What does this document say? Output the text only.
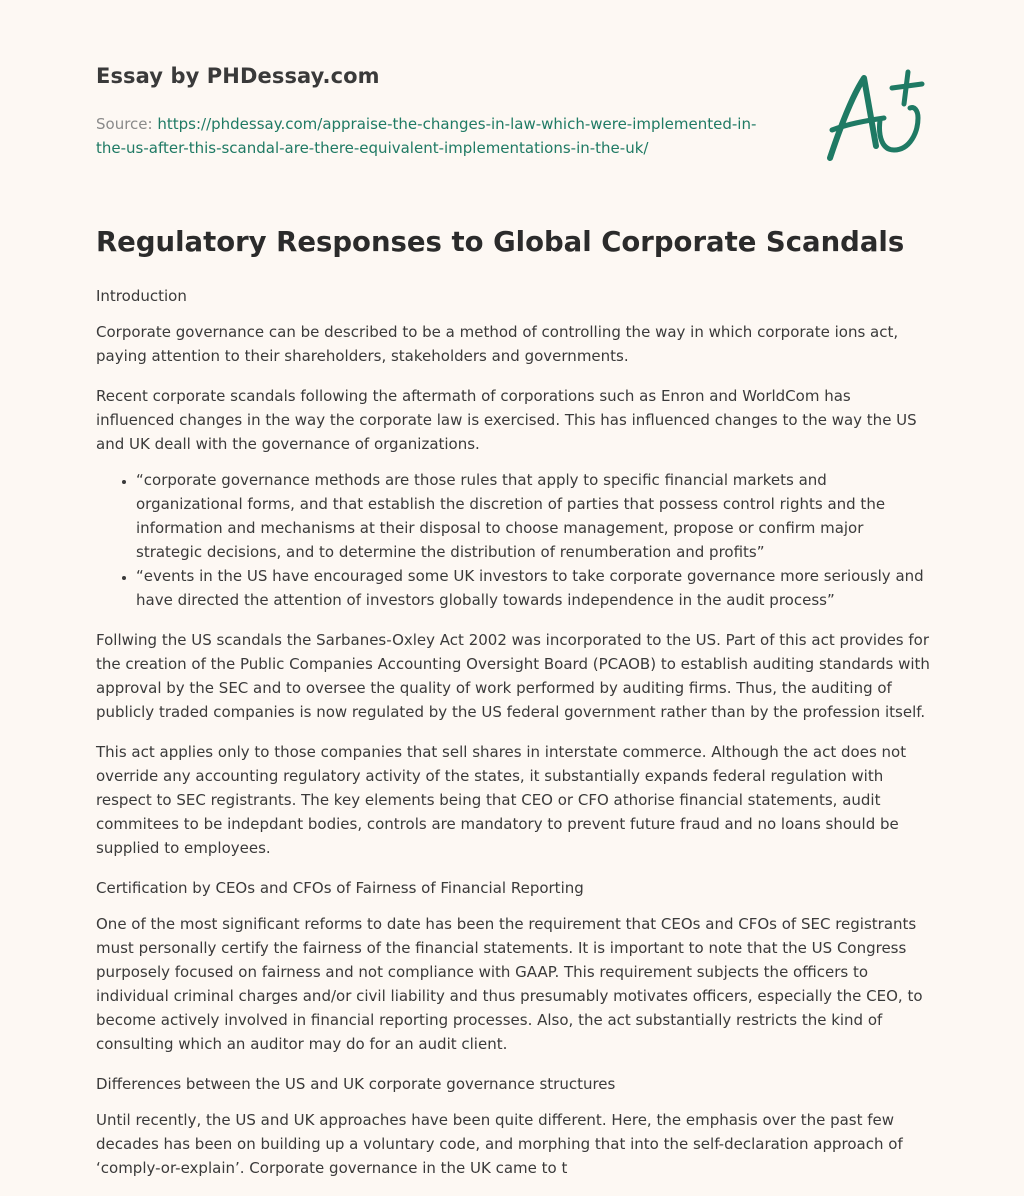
Essay by PHDessay.com
Source: https://phdessay.com/appraise-the-changes-in-law-which-were-implemented-in-the-us-after-this-scandal-are-there-equivalent-implementations-in-the-uk/
Regulatory Responses to Global Corporate Scandals

Introduction

Corporate governance can be described to be a method of controlling the way in which corporate ions act, paying attention to their shareholders, stakeholders and governments.

Recent corporate scandals following the aftermath of corporations such as Enron and WorldCom has influenced changes in the way the corporate law is exercised. This has influenced changes to the way the US and UK deall with the governance of organizations.

• “corporate governance methods are those rules that apply to specific financial markets and organizational forms, and that establish the discretion of parties that possess control rights and the information and mechanisms at their disposal to choose management, propose or confirm major strategic decisions, and to determine the distribution of renumberation and profits”
• “events in the US have encouraged some UK investors to take corporate governance more seriously and have directed the attention of investors globally towards independence in the audit process”

Follwing the US scandals the Sarbanes-Oxley Act 2002 was incorporated to the US. Part of this act provides for the creation of the Public Companies Accounting Oversight Board (PCAOB) to establish auditing standards with approval by the SEC and to oversee the quality of work performed by auditing firms. Thus, the auditing of publicly traded companies is now regulated by the US federal government rather than by the profession itself.

This act applies only to those companies that sell shares in interstate commerce. Although the act does not override any accounting regulatory activity of the states, it substantially expands federal regulation with respect to SEC registrants. The key elements being that CEO or CFO athorise financial statements, audit commitees to be indepdant bodies, controls are mandatory to prevent future fraud and no loans should be supplied to employees.

Certification by CEOs and CFOs of Fairness of Financial Reporting

One of the most significant reforms to date has been the requirement that CEOs and CFOs of SEC registrants must personally certify the fairness of the financial statements. It is important to note that the US Congress purposely focused on fairness and not compliance with GAAP. This requirement subjects the officers to individual criminal charges and/or civil liability and thus presumably motivates officers, especially the CEO, to become actively involved in financial reporting processes. Also, the act substantially restricts the kind of consulting which an auditor may do for an audit client.

Differences between the US and UK corporate governance structures

Until recently, the US and UK approaches have been quite different. Here, the emphasis over the past few decades has been on building up a voluntary code, and morphing that into the self-declaration approach of ‘comply-or-explain’. Corporate governance in the UK came to t
